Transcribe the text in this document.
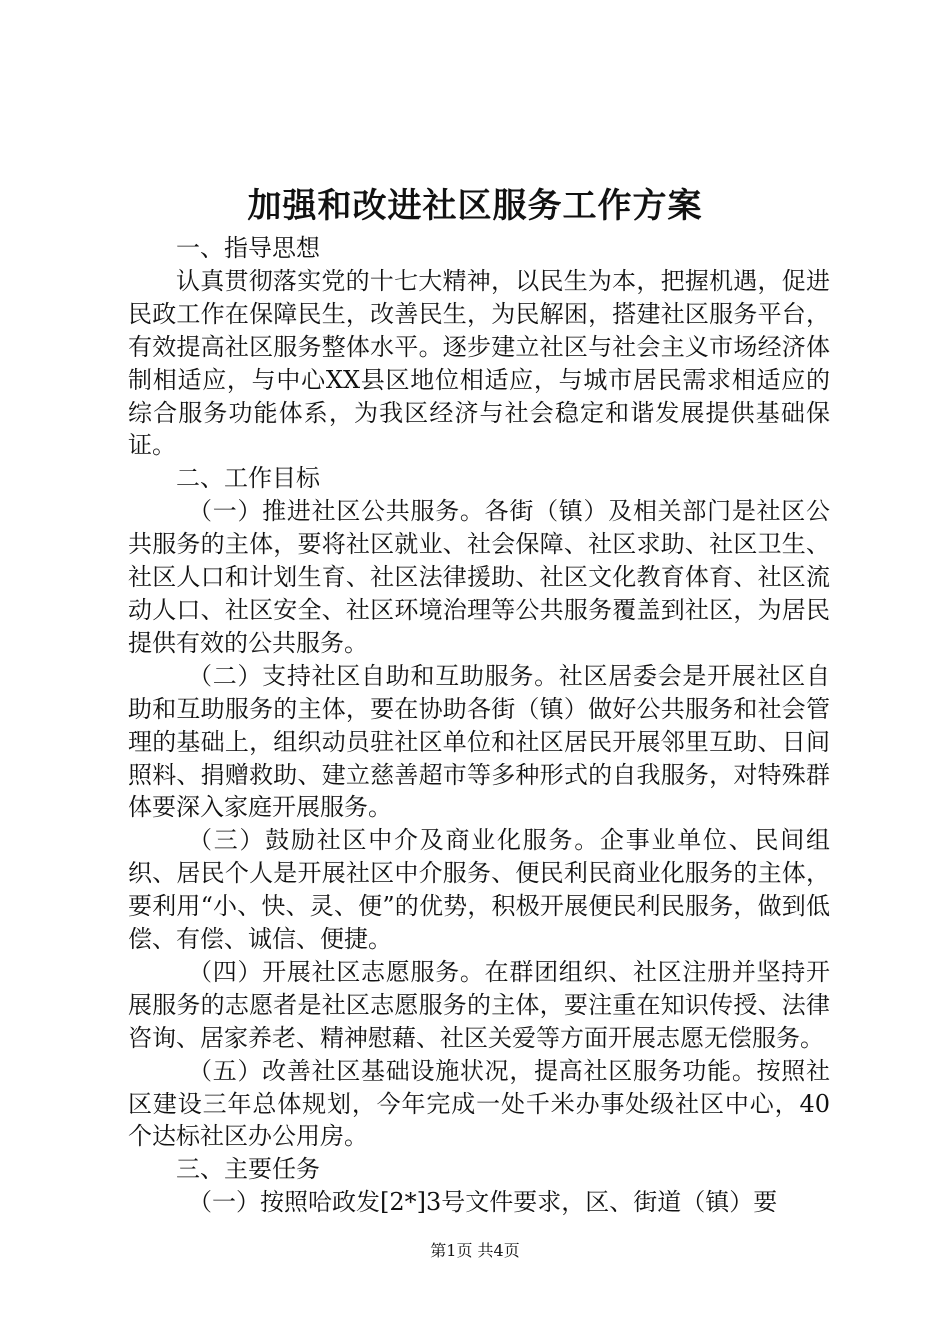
加强和改进社区服务工作方案

一、指导思想

认真贯彻落实党的十七大精神，以民生为本，把握机遇，促进民政工作在保障民生，改善民生，为民解困，搭建社区服务平台，有效提高社区服务整体水平。逐步建立社区与社会主义市场经济体制相适应，与中心XX县区地位相适应，与城市居民需求相适应的综合服务功能体系，为我区经济与社会稳定和谐发展提供基础保证。

二、工作目标

（一）推进社区公共服务。各街（镇）及相关部门是社区公共服务的主体，要将社区就业、社会保障、社区求助、社区卫生、社区人口和计划生育、社区法律援助、社区文化教育体育、社区流动人口、社区安全、社区环境治理等公共服务覆盖到社区，为居民提供有效的公共服务。

（二）支持社区自助和互助服务。社区居委会是开展社区自助和互助服务的主体，要在协助各街（镇）做好公共服务和社会管理的基础上，组织动员驻社区单位和社区居民开展邻里互助、日间照料、捐赠救助、建立慈善超市等多种形式的自我服务，对特殊群体要深入家庭开展服务。

（三）鼓励社区中介及商业化服务。企事业单位、民间组织、居民个人是开展社区中介服务、便民利民商业化服务的主体，要利用“小、快、灵、便”的优势，积极开展便民利民服务，做到低偿、有偿、诚信、便捷。

（四）开展社区志愿服务。在群团组织、社区注册并坚持开展服务的志愿者是社区志愿服务的主体，要注重在知识传授、法律咨询、居家养老、精神慰藉、社区关爱等方面开展志愿无偿服务。

（五）改善社区基础设施状况，提高社区服务功能。按照社区建设三年总体规划，今年完成一处千米办事处级社区中心，40个达标社区办公用房。

三、主要任务

（一）按照哈政发[2*]3号文件要求，区、街道（镇）要

第1页 共4页
